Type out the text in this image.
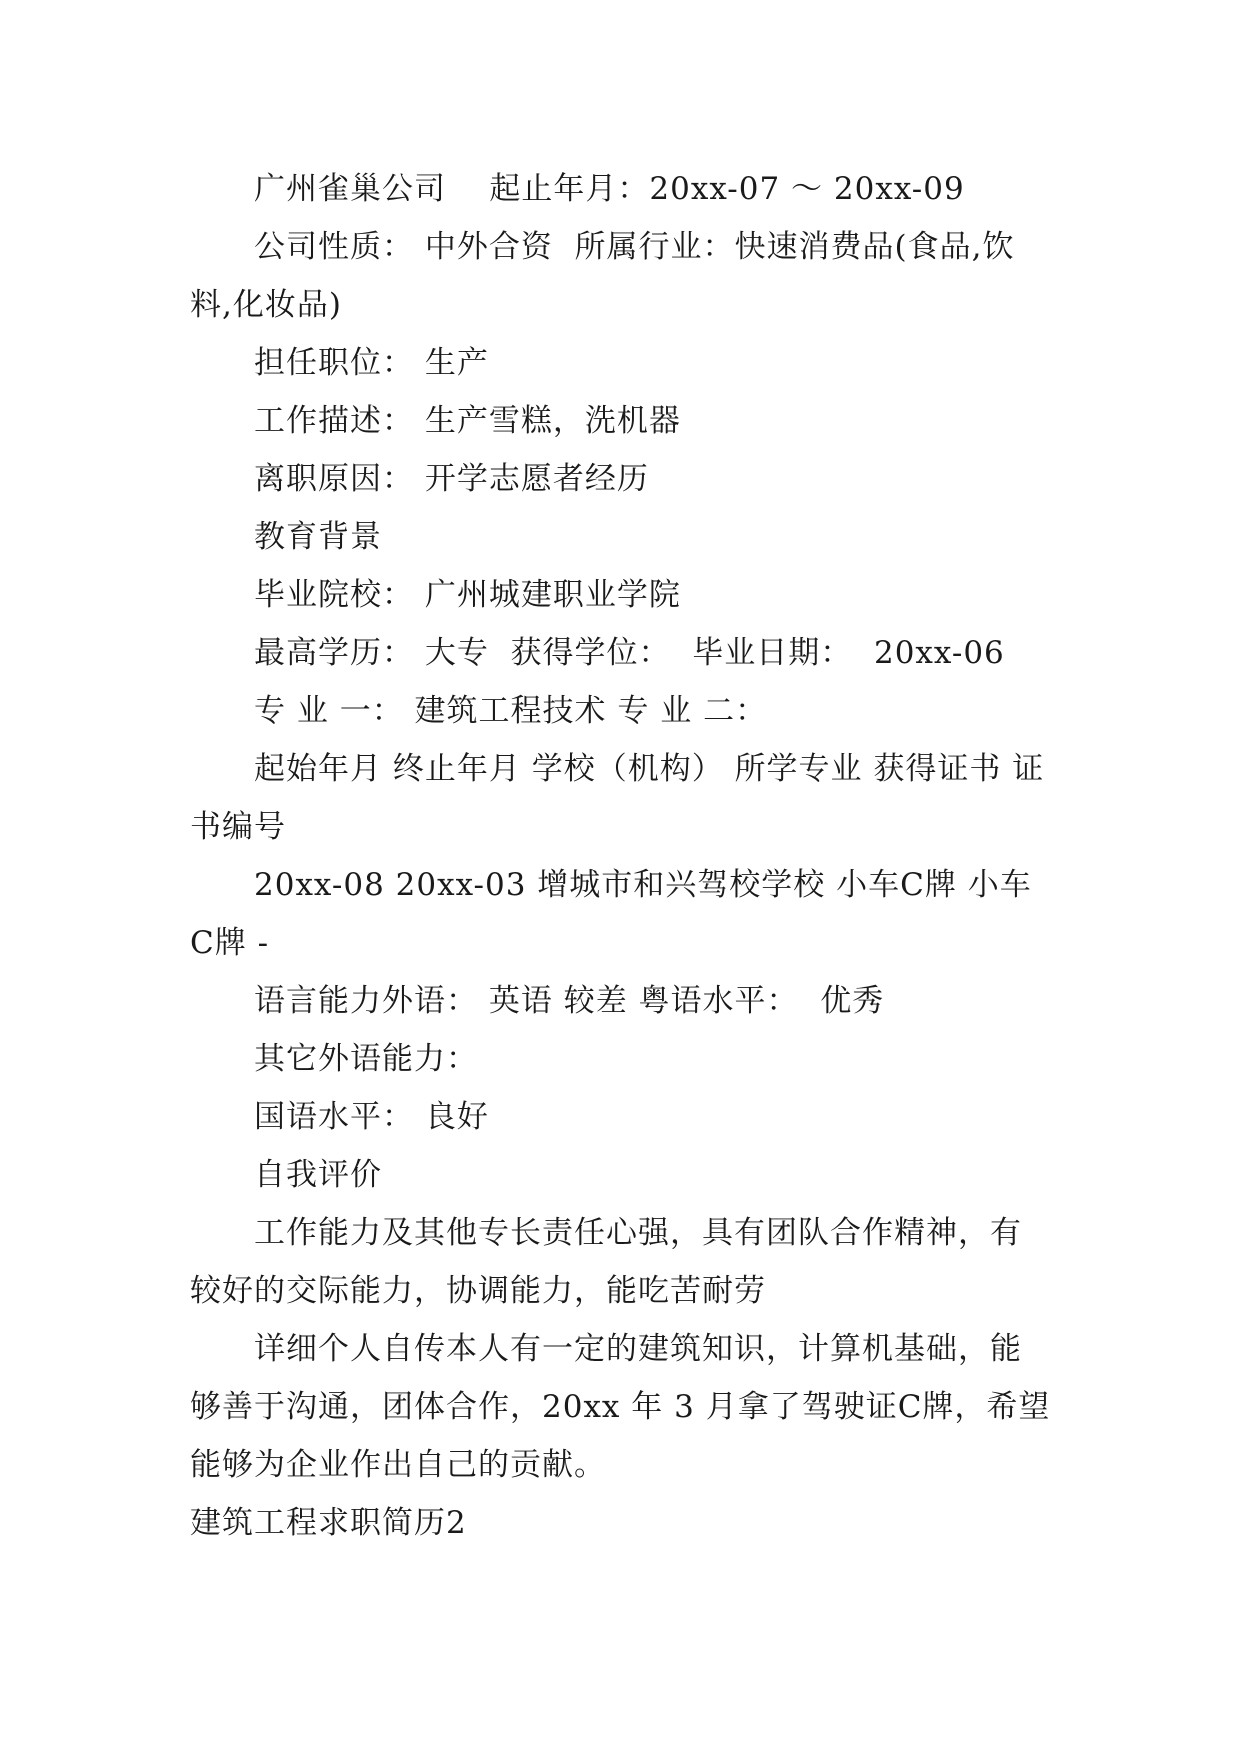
广州雀巢公司    起止年月：20xx-07 ～ 20xx-09

公司性质： 中外合资  所属行业：快速消费品(食品,饮料,化妆品)

担任职位： 生产

工作描述： 生产雪糕，洗机器

离职原因： 开学志愿者经历

教育背景

毕业院校： 广州城建职业学院

最高学历： 大专  获得学位：  毕业日期：  20xx-06

专 业 一： 建筑工程技术 专 业 二：

起始年月 终止年月 学校（机构） 所学专业 获得证书 证书编号

20xx-08 20xx-03 增城市和兴驾校学校 小车C牌 小车C牌 -

语言能力外语： 英语 较差 粤语水平：  优秀

其它外语能力：

国语水平： 良好

自我评价

工作能力及其他专长责任心强，具有团队合作精神，有较好的交际能力，协调能力，能吃苦耐劳

详细个人自传本人有一定的建筑知识，计算机基础，能够善于沟通，团体合作，20xx 年 3 月拿了驾驶证C牌，希望能够为企业作出自己的贡献。

建筑工程求职简历2
